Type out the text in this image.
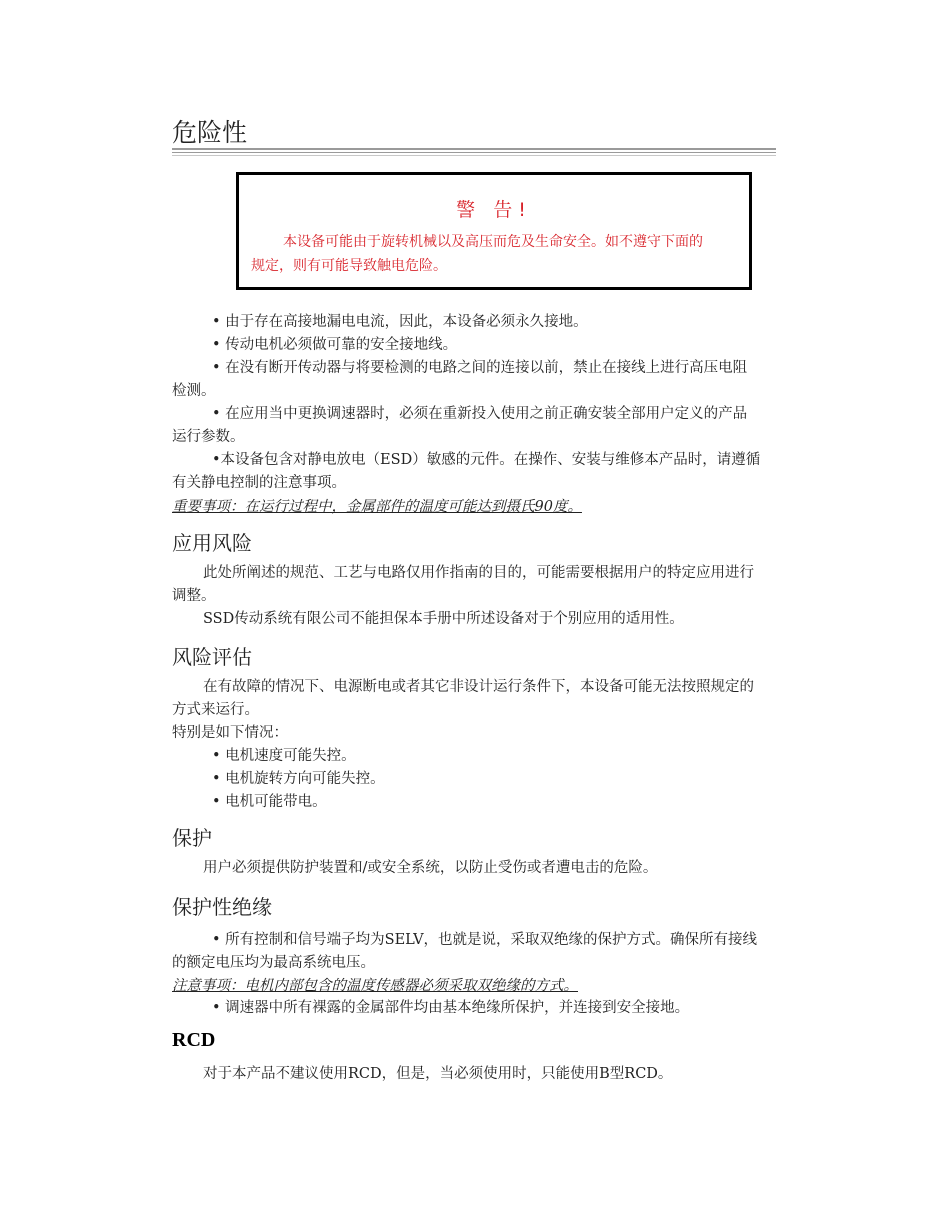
危险性
警 告!
本设备可能由于旋转机械以及高压而危及生命安全。如不遵守下面的
规定，则有可能导致触电危险。
• 由于存在高接地漏电电流，因此，本设备必须永久接地。
• 传动电机必须做可靠的安全接地线。
• 在没有断开传动器与将要检测的电路之间的连接以前，禁止在接线上进行高压电阻
检测。
• 在应用当中更换调速器时，必须在重新投入使用之前正确安装全部用户定义的产品
运行参数。
•本设备包含对静电放电（ESD）敏感的元件。在操作、安装与维修本产品时，请遵循
有关静电控制的注意事项。
重要事项：在运行过程中，金属部件的温度可能达到摄氏90度。
应用风险
此处所阐述的规范、工艺与电路仅用作指南的目的，可能需要根据用户的特定应用进行
调整。
SSD传动系统有限公司不能担保本手册中所述设备对于个别应用的适用性。
风险评估
在有故障的情况下、电源断电或者其它非设计运行条件下，本设备可能无法按照规定的
方式来运行。
特别是如下情况：
• 电机速度可能失控。
• 电机旋转方向可能失控。
• 电机可能带电。
保护
用户必须提供防护装置和/或安全系统，以防止受伤或者遭电击的危险。
保护性绝缘
• 所有控制和信号端子均为SELV，也就是说，采取双绝缘的保护方式。确保所有接线
的额定电压均为最高系统电压。
注意事项：电机内部包含的温度传感器必须采取双绝缘的方式。
• 调速器中所有裸露的金属部件均由基本绝缘所保护，并连接到安全接地。
RCD
对于本产品不建议使用RCD，但是，当必须使用时，只能使用B型RCD。
